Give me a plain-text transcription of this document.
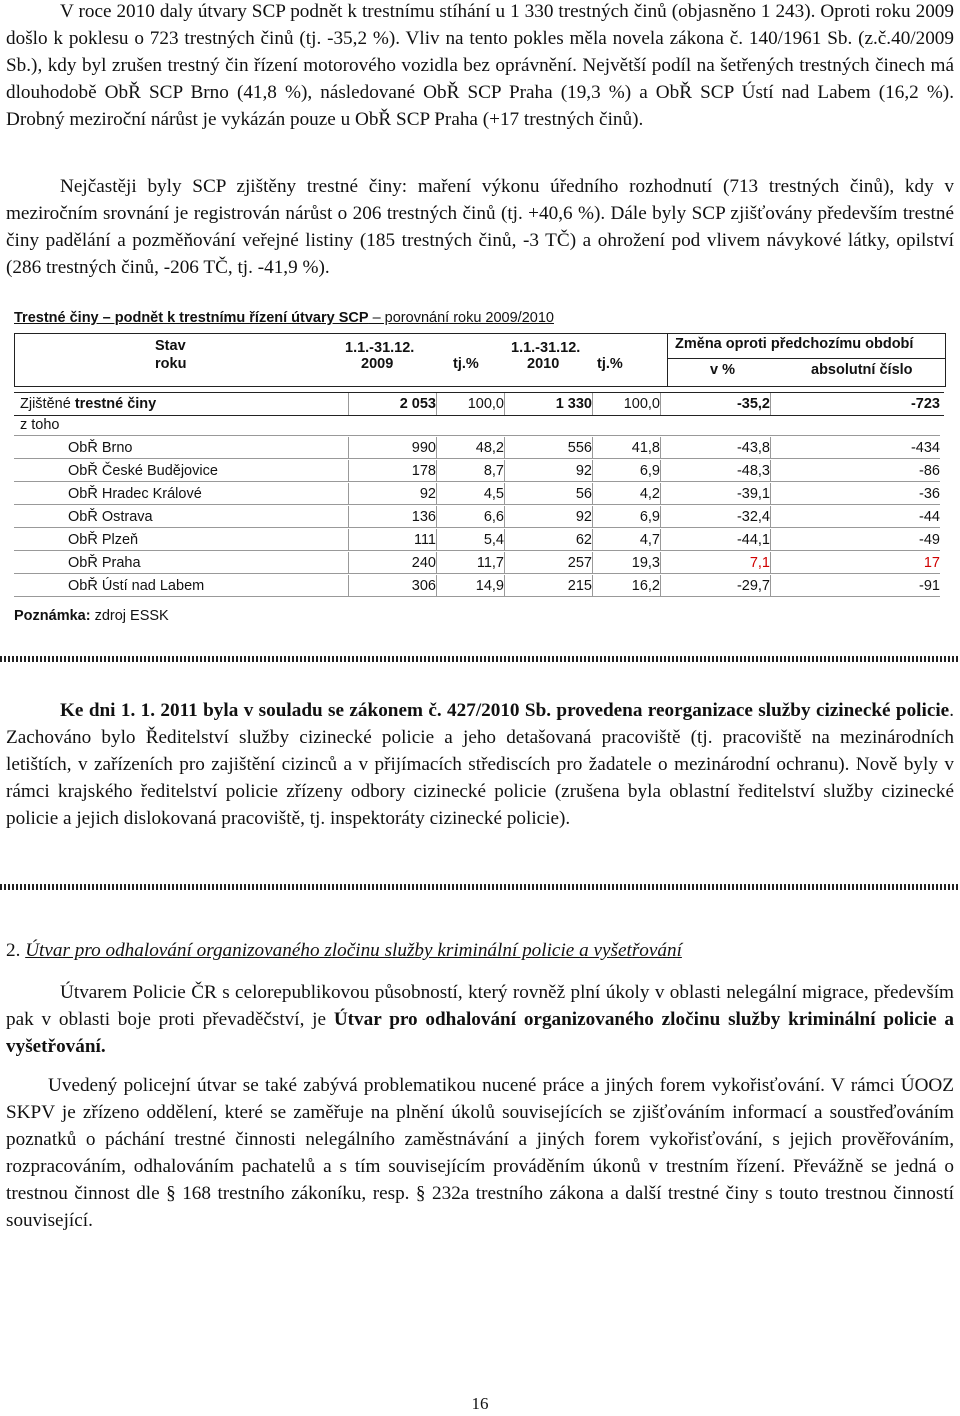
V roce 2010 daly útvary SCP podnět k trestnímu stíhání u 1 330 trestných činů (objasněno 1 243). Oproti roku 2009 došlo k poklesu o 723 trestných činů (tj. -35,2 %). Vliv na tento pokles měla novela zákona č. 140/1961 Sb. (z.č.40/2009 Sb.), kdy byl zrušen trestný čin řízení motorového vozidla bez oprávnění. Největší podíl na šetřených trestných činech má dlouhodobě ObŘ SCP Brno (41,8 %), následované ObŘ SCP Praha (19,3 %) a ObŘ SCP Ústí nad Labem (16,2 %). Drobný meziroční nárůst je vykázán pouze u ObŘ SCP Praha (+17 trestných činů).

Nejčastěji byly SCP zjištěny trestné činy: maření výkonu úředního rozhodnutí (713 trestných činů), kdy v meziročním srovnání je registrován nárůst o 206 trestných činů (tj. +40,6 %). Dále byly SCP zjišťovány především trestné činy padělání a pozměňování veřejné listiny (185 trestných činů, -3 TČ) a ohrožení pod vlivem návykové látky, opilství (286 trestných činů, -206 TČ, tj. -41,9 %).

Trestné činy – podnět k trestnímu řízení útvary SCP – porovnání roku 2009/2010
Stav
roku
1.1.-31.12.
2009	tj.%
1.1.-31.12.
2010	tj.%
Změna oproti předchozímu období
v %	absolutní číslo
Zjištěné trestné činy	2 053	100,0	1 330	100,0	-35,2	-723
z toho
ObŘ Brno	990	48,2	556	41,8	-43,8	-434
ObŘ České Budějovice	178	8,7	92	6,9	-48,3	-86
ObŘ Hradec Králové	92	4,5	56	4,2	-39,1	-36
ObŘ Ostrava	136	6,6	92	6,9	-32,4	-44
ObŘ Plzeň	111	5,4	62	4,7	-44,1	-49
ObŘ Praha	240	11,7	257	19,3	7,1	17
ObŘ Ústí nad Labem	306	14,9	215	16,2	-29,7	-91
Poznámka: zdroj ESSK

Ke dni 1. 1. 2011 byla v souladu se zákonem č. 427/2010 Sb. provedena reorganizace služby cizinecké policie. Zachováno bylo Ředitelství služby cizinecké policie a jeho detašovaná pracoviště (tj. pracoviště na mezinárodních letištích, v zařízeních pro zajištění cizinců a v přijímacích střediscích pro žadatele o mezinárodní ochranu). Nově byly v rámci krajského ředitelství policie zřízeny odbory cizinecké policie (zrušena byla oblastní ředitelství služby cizinecké policie a jejich dislokovaná pracoviště, tj. inspektoráty cizinecké policie).

2. Útvar pro odhalování organizovaného zločinu služby kriminální policie a vyšetřování

Útvarem Policie ČR s celorepublikovou působností, který rovněž plní úkoly v oblasti nelegální migrace, především pak v oblasti boje proti převaděčství, je Útvar pro odhalování organizovaného zločinu služby kriminální policie a vyšetřování.

Uvedený policejní útvar se také zabývá problematikou nucené práce a jiných forem vykořisťování. V rámci ÚOOZ SKPV je zřízeno oddělení, které se zaměřuje na plnění úkolů souvisejících se zjišťováním informací a soustřeďováním poznatků o páchání trestné činnosti nelegálního zaměstnávání a jiných forem vykořisťování, s jejich prověřováním, rozpracováním, odhalováním pachatelů a s tím souvisejícím prováděním úkonů v trestním řízení. Převážně se jedná o trestnou činnost dle § 168 trestního zákoníku, resp. § 232a trestního zákona a další trestné činy s touto trestnou činností související.

16
